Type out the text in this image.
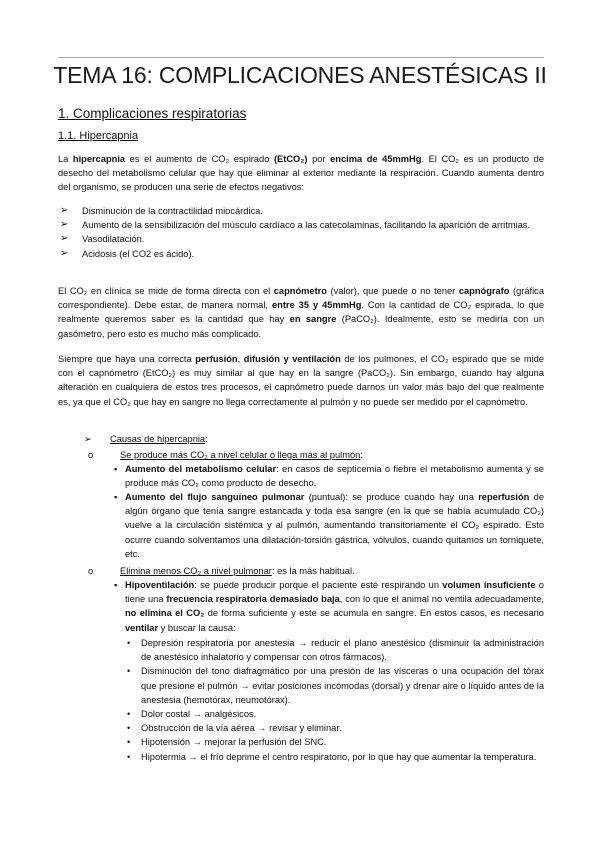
TEMA 16: COMPLICACIONES ANESTÉSICAS II
1. Complicaciones respiratorias
1.1. Hipercapnia
La hipercapnia es el aumento de CO₂ espirado (EtCO₂) por encima de 45mmHg. El CO₂ es un producto de desecho del metabolismo celular que hay que eliminar al exterior mediante la respiración. Cuando aumenta dentro del organismo, se producen una serie de efectos negativos:
➢ Disminución de la contractilidad miocárdica.
➢ Aumento de la sensibilización del músculo cardíaco a las catecolaminas, facilitando la aparición de arritmias.
➢ Vasodilatación.
➢ Acidosis (el CO2 es ácido).
El CO₂ en clínica se mide de forma directa con el capnómetro (valor), que puede o no tener capnógrafo (gráfica correspondiente). Debe estar, de manera normal, entre 35 y 45mmHg. Con la cantidad de CO₂ espirada, lo que realmente queremos saber es la cantidad que hay en sangre (PaCO₂). Idealmente, esto se mediría con un gasómetro, pero esto es mucho más complicado.
Siempre que haya una correcta perfusión, difusión y ventilación de los pulmones, el CO₂ espirado que se mide con el capnómetro (EtCO₂) es muy similar al que hay en la sangre (PaCO₂). Sin embargo, cuando hay alguna alteración en cualquiera de estos tres procesos, el capnómetro puede darnos un valor más bajo del que realmente es, ya que el CO₂ que hay en sangre no llega correctamente al pulmón y no puede ser medido por el capnómetro.
➢ Causas de hipercapnia:
o	Se produce más CO₂ a nivel celular o llega más al pulmón:
▪ Aumento del metabolismo celular: en casos de septicemia o fiebre el metabolismo aumenta y se produce más CO₂ como producto de desecho.
▪ Aumento del flujo sanguíneo pulmonar (puntual): se produce cuando hay una reperfusión de algún órgano que tenía sangre estancada y toda esa sangre (en la que se había acumulado CO₂) vuelve a la circulación sistémica y al pulmón, aumentando transitoriamente el CO₂ espirado. Esto ocurre cuando solventamos una dilatación-torsión gástrica, vólvulos, cuando quitamos un torniquete, etc.
o	Elimina menos CO₂ a nivel pulmonar: es la más habitual.
▪ Hipoventilación: se puede producir porque el paciente esté respirando un volumen insuficiente o tiene una frecuencia respiratoria demasiado baja, con lo que el animal no ventila adecuadamente, no elimina el CO₂ de forma suficiente y este se acumula en sangre. En estos casos, es necesario ventilar y buscar la causa:
• Depresión respiratoria por anestesia → reducir el plano anestésico (disminuir la administración de anestésico inhalatorio y compensar con otros fármacos).
• Disminución del tono diafragmático por una presión de las vísceras o una ocupación del tórax que presione el pulmón → evitar posiciones incómodas (dorsal) y drenar aire o líquido antes de la anestesia (hemotórax, neumotórax).
• Dolor costal → analgésicos.
• Obstrucción de la vía aérea → revisar y eliminar.
• Hipotensión → mejorar la perfusión del SNC.
• Hipotermia → el frío deprime el centro respiratorio, por lo que hay que aumentar la temperatura.
